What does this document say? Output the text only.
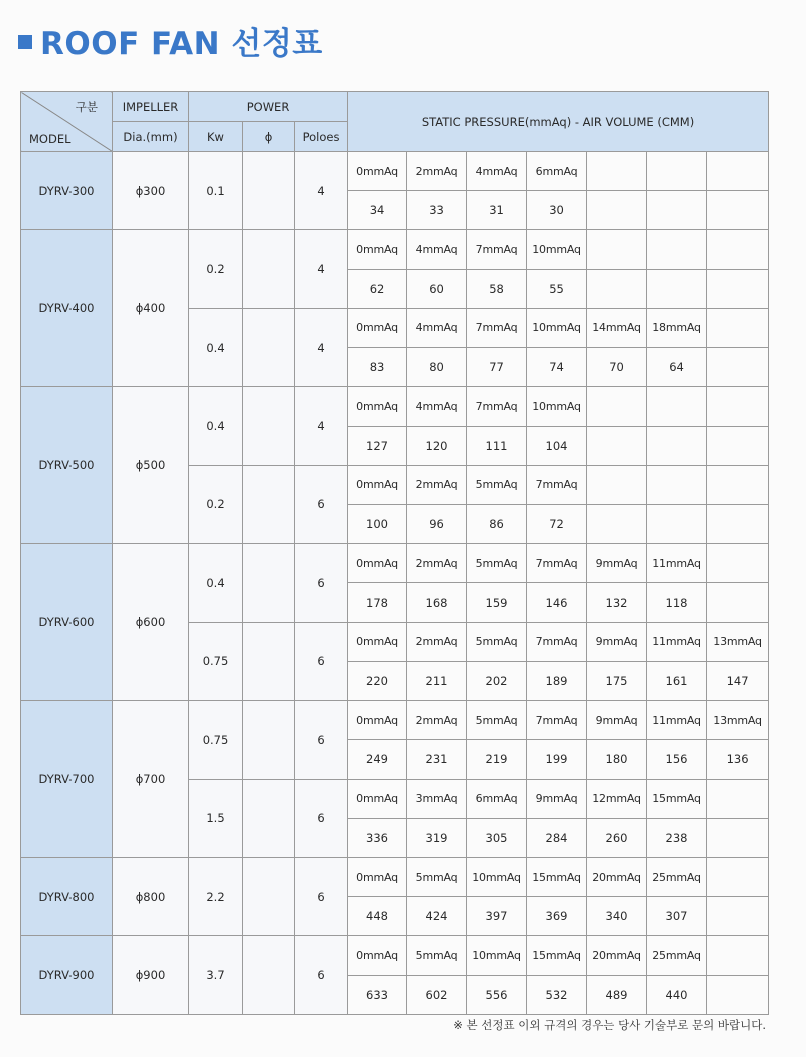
ROOF FAN 선정표
구분
MODEL	IMPELLER	POWER			STATIC PRESSURE(mmAq) - AIR VOLUME (CMM)						
	Dia.(mm)	Kw	ϕ	Poloes							
DYRV-300	ϕ300	0.1		4	0mmAq	2mmAq	4mmAq	6mmAq			
					34	33	31	30			
DYRV-400	ϕ400	0.2		4	0mmAq	4mmAq	7mmAq	10mmAq			
					62	60	58	55			
		0.4		4	0mmAq	4mmAq	7mmAq	10mmAq	14mmAq	18mmAq	
					83	80	77	74	70	64	
DYRV-500	ϕ500	0.4		4	0mmAq	4mmAq	7mmAq	10mmAq			
					127	120	111	104			
		0.2		6	0mmAq	2mmAq	5mmAq	7mmAq			
					100	96	86	72			
DYRV-600	ϕ600	0.4		6	0mmAq	2mmAq	5mmAq	7mmAq	9mmAq	11mmAq	
					178	168	159	146	132	118	
		0.75		6	0mmAq	2mmAq	5mmAq	7mmAq	9mmAq	11mmAq	13mmAq
					220	211	202	189	175	161	147
DYRV-700	ϕ700	0.75		6	0mmAq	2mmAq	5mmAq	7mmAq	9mmAq	11mmAq	13mmAq
					249	231	219	199	180	156	136
		1.5		6	0mmAq	3mmAq	6mmAq	9mmAq	12mmAq	15mmAq	
					336	319	305	284	260	238	
DYRV-800	ϕ800	2.2		6	0mmAq	5mmAq	10mmAq	15mmAq	20mmAq	25mmAq	
					448	424	397	369	340	307	
DYRV-900	ϕ900	3.7		6	0mmAq	5mmAq	10mmAq	15mmAq	20mmAq	25mmAq	
					633	602	556	532	489	440	
※ 본 선정표 이외 규격의 경우는 당사 기술부로 문의 바랍니다.
